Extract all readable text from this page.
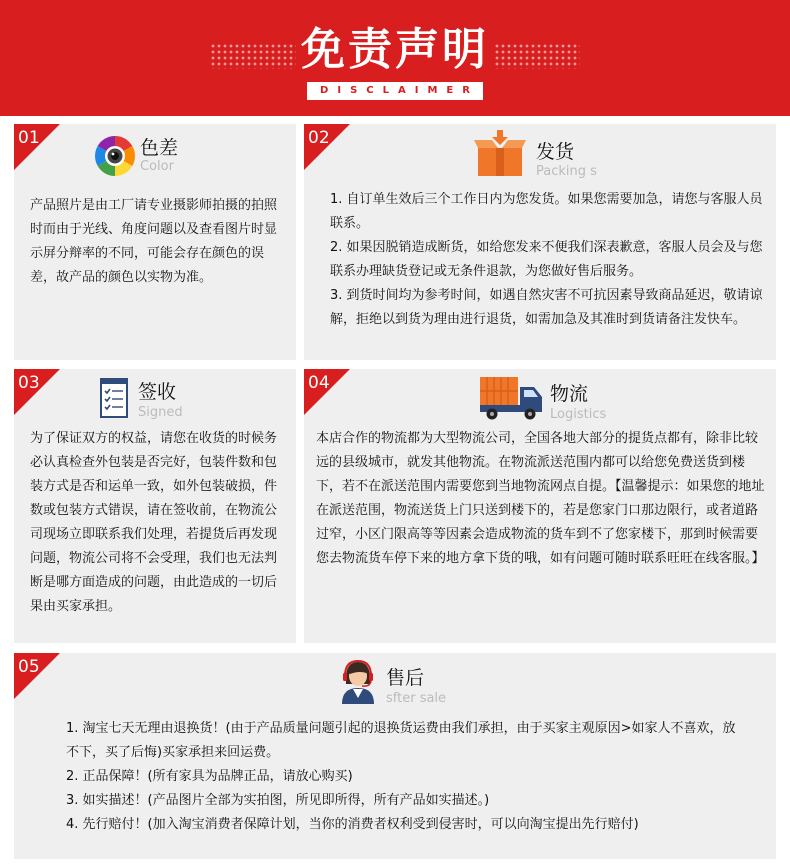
免责声明
DISCLAIMER
01	色差
Color

产品照片是由工厂请专业摄影师拍摄的拍照时而由于光线、角度问题以及查看图片时显示屏分辩率的不同，可能会存在颜色的误差，故产品的颜色以实物为准。

02
发货
Packing s

1. 自订单生效后三个工作日内为您发货。如果您需要加急，请您与客服人员联系。

2. 如果因脱销造成断货，如给您发来不便我们深表歉意，客服人员会及与您联系办理缺货登记或无条件退款，为您做好售后服务。

3. 到货时间均为参考时间，如遇自然灾害不可抗因素导致商品延迟，敬请谅解，拒绝以到货为理由进行退货，如需加急及其准时到货请备注发快车。

03	签收
Signed

为了保证双方的权益，请您在收货的时候务必认真检查外包装是否完好，包装件数和包装方式是否和运单一致，如外包装破损，件数或包装方式错误，请在签收前，在物流公司现场立即联系我们处理，若提货后再发现问题，物流公司将不会受理，我们也无法判断是哪方面造成的问题，由此造成的一切后果由买家承担。

04	物流
Logistics

本店合作的物流都为大型物流公司，全国各地大部分的提货点都有，除非比较远的县级城市，就发其他物流。在物流派送范围内都可以给您免费送货到楼下，若不在派送范围内需要您到当地物流网点自提。【温馨提示：如果您的地址在派送范围，物流送货上门只送到楼下的，若是您家门口那边限行，或者道路过窄，小区门限高等等因素会造成物流的货车到不了您家楼下，那到时候需要您去物流货车停下来的地方拿下货的哦，如有问题可随时联系旺旺在线客服。】

05	售后
sfter sale

1. 淘宝七天无理由退换货！(由于产品质量问题引起的退换货运费由我们承担，由于买家主观原因>如家人不喜欢，放不下，买了后悔)买家承担来回运费。

2. 正品保障！(所有家具为品牌正品，请放心购买)

3. 如实描述！(产品图片全部为实拍图，所见即所得，所有产品如实描述。)

4. 先行赔付！(加入淘宝消费者保障计划，当你的消费者权利受到侵害时，可以向淘宝提出先行赔付)
